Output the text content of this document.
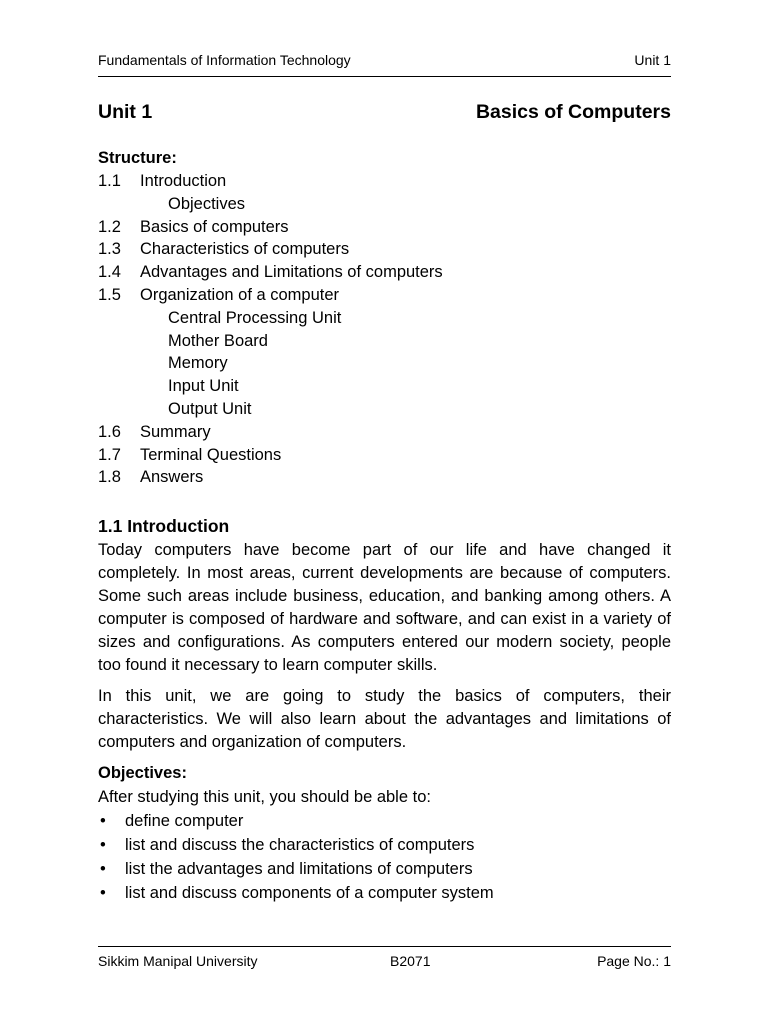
Fundamentals of Information Technology	Unit 1
Unit 1	Basics of Computers
Structure:
1.1 Introduction
Objectives
1.2 Basics of computers
1.3 Characteristics of computers
1.4 Advantages and Limitations of computers
1.5 Organization of a computer
Central Processing Unit
Mother Board
Memory
Input Unit
Output Unit
1.6 Summary
1.7 Terminal Questions
1.8 Answers
1.1 Introduction

Today computers have become part of our life and have changed it completely. In most areas, current developments are because of computers. Some such areas include business, education, and banking among others. A computer is composed of hardware and software, and can exist in a variety of sizes and configurations. As computers entered our modern society, people too found it necessary to learn computer skills.

In this unit, we are going to study the basics of computers, their characteristics. We will also learn about the advantages and limitations of computers and organization of computers.

Objectives:
After studying this unit, you should be able to:
• define computer
• list and discuss the characteristics of computers
• list the advantages and limitations of computers
• list and discuss components of a computer system
Sikkim Manipal University	B2071	Page No.: 1
